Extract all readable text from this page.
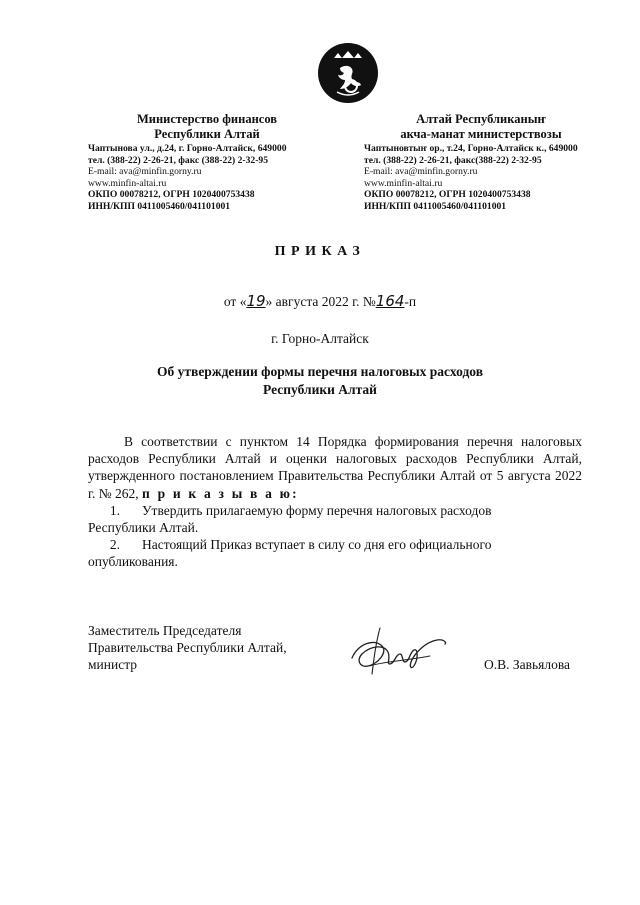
Министерство финансов
Республики Алтай
Чаптынова ул., д.24, г. Горно-Алтайск, 649000
тел. (388-22) 2-26-21, факс (388-22) 2-32-95
E-mail: ava@minfin.gorny.ru
www.minfin-altai.ru
ОКПО 00078212, ОГРН 1020400753438
ИНН/КПП 0411005460/041101001
Алтай Республиканыҥ
акча-манат министерствозы
Чаптыновтыҥ ор., т.24, Горно-Алтайск к., 649000
тел. (388-22) 2-26-21, факс(388-22) 2-32-95
E-mail: ava@minfin.gorny.ru
www.minfin-altai.ru
ОКПО 00078212, ОГРН 1020400753438
ИНН/КПП 0411005460/041101001
ПРИКАЗ
от «19» августа 2022 г. №164-п
г. Горно-Алтайск
Об утверждении формы перечня налоговых расходов
Республики Алтай

В соответствии с пунктом 14 Порядка формирования перечня налоговых расходов Республики Алтай и оценки налоговых расходов Республики Алтай, утвержденного постановлением Правительства Республики Алтай от 5 августа 2022 г. № 262, п р и к а з ы в а ю:

1.	Утвердить прилагаемую форму перечня налоговых расходов

Республики Алтай.

2.	Настоящий Приказ вступает в силу со дня его официального

опубликования.

Заместитель Председателя
Правительства Республики Алтай,
министр	О.В. Завьялова
